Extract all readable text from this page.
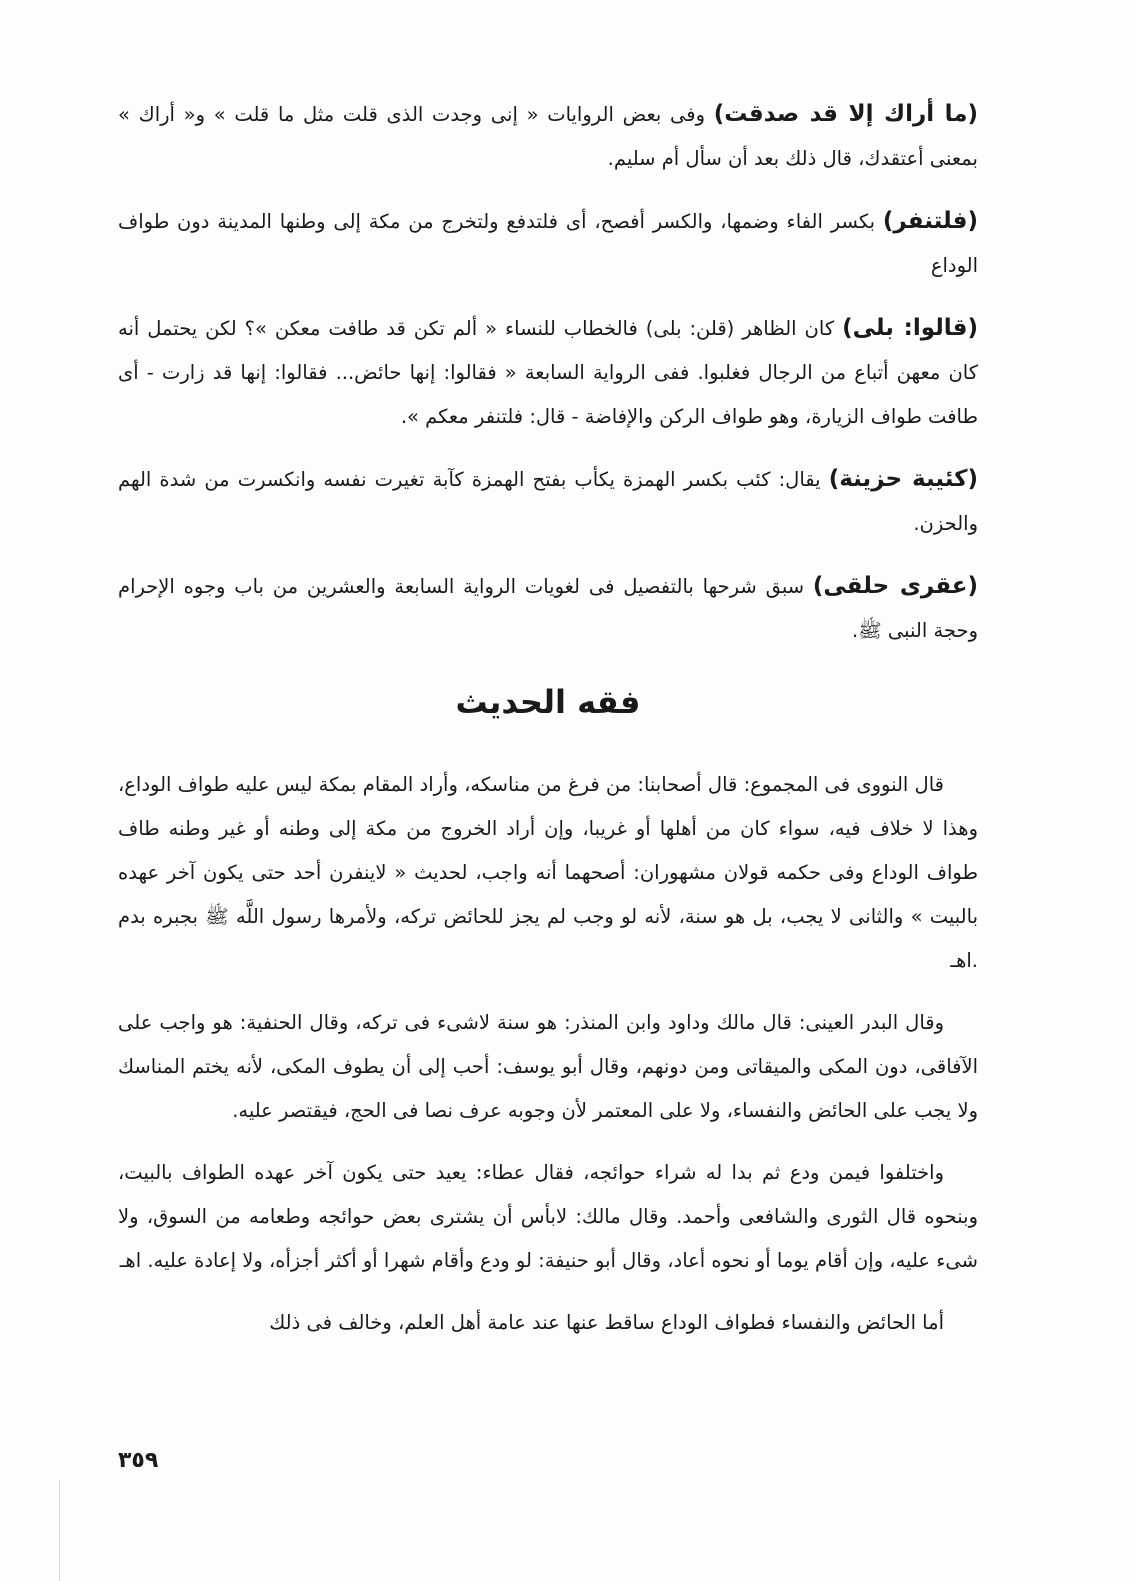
(ما أراك إلا قد صدقت) وفى بعض الروايات « إنى وجدت الذى قلت مثل ما قلت » و« أراك » بمعنى أعتقدك، قال ذلك بعد أن سأل أم سليم.

(فلتنفر) بكسر الفاء وضمها، والكسر أفصح، أى فلتدفع ولتخرج من مكة إلى وطنها المدينة دون طواف الوداع

(قالوا: بلى) كان الظاهر (قلن: بلى) فالخطاب للنساء « ألم تكن قد طافت معكن »؟ لكن يحتمل أنه كان معهن أتباع من الرجال فغلبوا. ففى الرواية السابعة « فقالوا: إنها حائض... فقالوا: إنها قد زارت - أى طافت طواف الزيارة، وهو طواف الركن والإفاضة - قال: فلتنفر معكم ».

(كئيبة حزينة) يقال: كئب بكسر الهمزة يكأب بفتح الهمزة كآبة تغيرت نفسه وانكسرت من شدة الهم والحزن.

(عقرى حلقى) سبق شرحها بالتفصيل فى لغويات الرواية السابعة والعشرين من باب وجوه الإحرام وحجة النبى ﷺ.

فقه الحديث

قال النووى فى المجموع: قال أصحابنا: من فرغ من مناسكه، وأراد المقام بمكة ليس عليه طواف الوداع، وهذا لا خلاف فيه، سواء كان من أهلها أو غريبا، وإن أراد الخروج من مكة إلى وطنه أو غير وطنه طاف طواف الوداع وفى حكمه قولان مشهوران: أصحهما أنه واجب، لحديث « لاينفرن أحد حتى يكون آخر عهده بالبيت » والثانى لا يجب، بل هو سنة، لأنه لو وجب لم يجز للحائض تركه، ولأمرها رسول اللَّه ﷺ بجبره بدم .اهـ

وقال البدر العينى: قال مالك وداود وابن المنذر: هو سنة لاشىء فى تركه، وقال الحنفية: هو واجب على الآفاقى، دون المكى والميقاتى ومن دونهم، وقال أبو يوسف: أحب إلى أن يطوف المكى، لأنه يختم المناسك ولا يجب على الحائض والنفساء، ولا على المعتمر لأن وجوبه عرف نصا فى الحج، فيقتصر عليه.

واختلفوا فيمن ودع ثم بدا له شراء حوائجه، فقال عطاء: يعيد حتى يكون آخر عهده الطواف بالبيت، وبنحوه قال الثورى والشافعى وأحمد. وقال مالك: لابأس أن يشترى بعض حوائجه وطعامه من السوق، ولا شىء عليه، وإن أقام يوما أو نحوه أعاد، وقال أبو حنيفة: لو ودع وأقام شهرا أو أكثر أجزأه، ولا إعادة عليه. اهـ

أما الحائض والنفساء فطواف الوداع ساقط عنها عند عامة أهل العلم، وخالف فى ذلك

٣٥٩
